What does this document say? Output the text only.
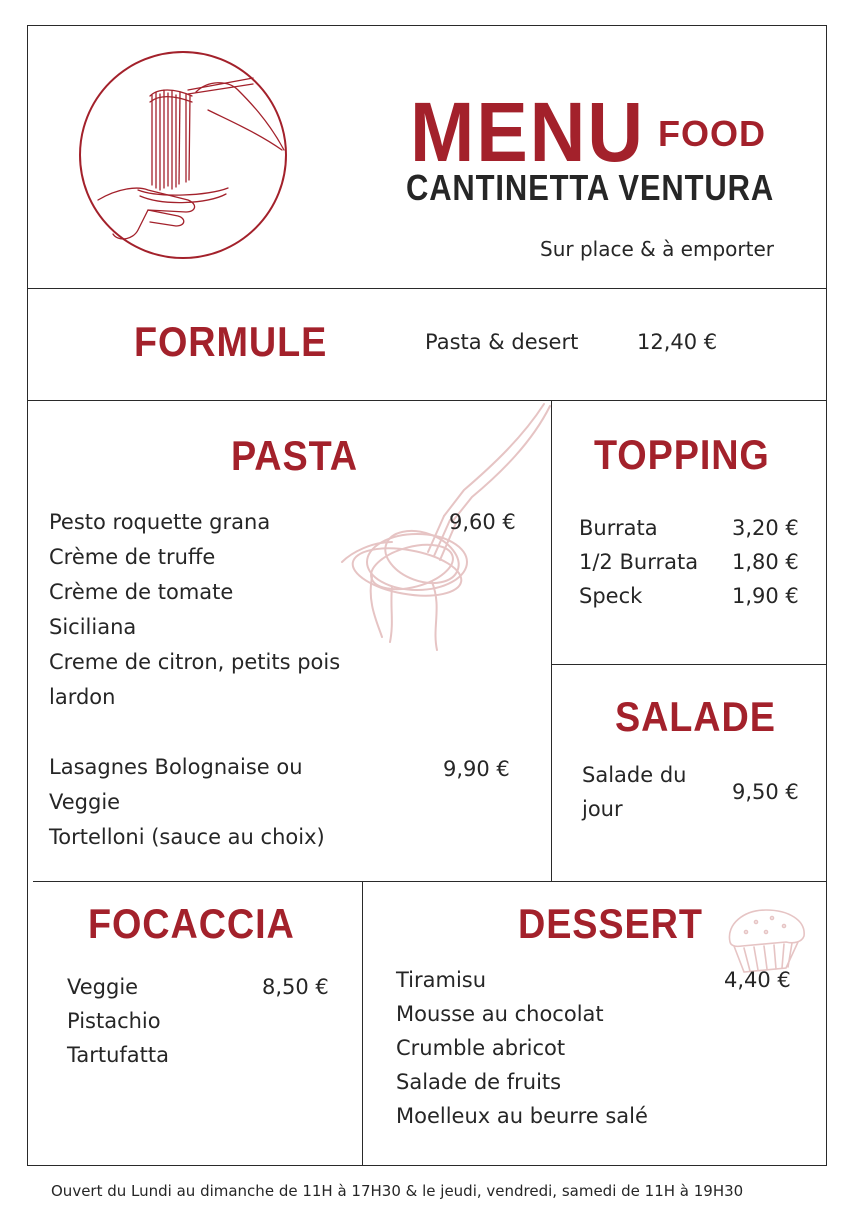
MENU FOOD
CANTINETTA VENTURA
Sur place & à emporter
FORMULE	Pasta & desert	12,40 €
PASTA
Pesto roquette grana
Crème de truffe
Crème de tomate
Siciliana
Creme de citron, petits pois
lardon
9,60 €
Lasagnes Bolognaise ou
Veggie
Tortelloni (sauce au choix)
9,90 €
TOPPING
Burrata	3,20 €
1/2 Burrata 1,80 €
Speck	1,90 €
SALADE
Salade du
jour
9,50 €
FOCACCIA
Veggie
Pistachio
Tartufatta
8,50 €
DESSERT
Tiramisu
Mousse au chocolat
Crumble abricot
Salade de fruits
Moelleux au beurre salé
4,40 €
Ouvert du Lundi au dimanche de 11H à 17H30 & le jeudi, vendredi, samedi de 11H à 19H30
